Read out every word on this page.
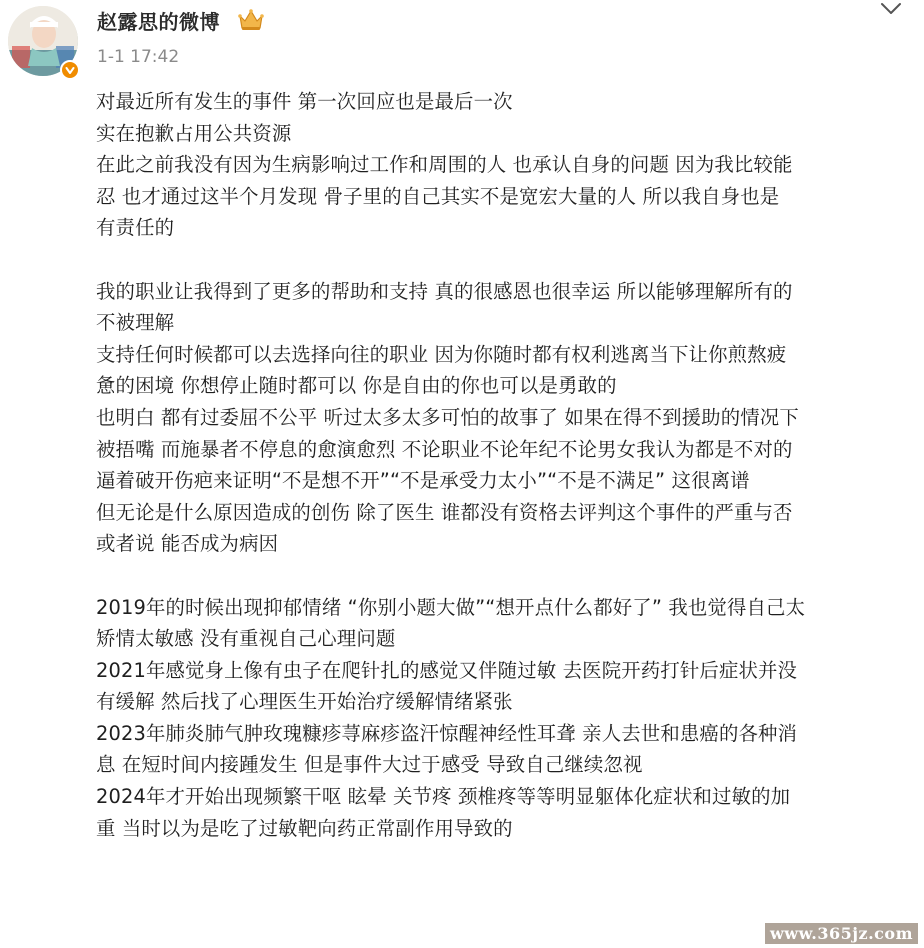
赵露思的微博
1-1 17:42
对最近所有发生的事件 第一次回应也是最后一次
实在抱歉占用公共资源
在此之前我没有因为生病影响过工作和周围的人 也承认自身的问题 因为我比较能
忍 也才通过这半个月发现 骨子里的自己其实不是宽宏大量的人 所以我自身也是
有责任的
我的职业让我得到了更多的帮助和支持 真的很感恩也很幸运 所以能够理解所有的
不被理解
支持任何时候都可以去选择向往的职业 因为你随时都有权利逃离当下让你煎熬疲
惫的困境 你想停止随时都可以 你是自由的你也可以是勇敢的
也明白 都有过委屈不公平 听过太多太多可怕的故事了 如果在得不到援助的情况下
被捂嘴 而施暴者不停息的愈演愈烈 不论职业不论年纪不论男女我认为都是不对的
逼着破开伤疤来证明“不是想不开”“不是承受力太小”“不是不满足” 这很离谱
但无论是什么原因造成的创伤 除了医生 谁都没有资格去评判这个事件的严重与否
或者说 能否成为病因
2019年的时候出现抑郁情绪 “你别小题大做”“想开点什么都好了” 我也觉得自己太
矫情太敏感 没有重视自己心理问题
2021年感觉身上像有虫子在爬针扎的感觉又伴随过敏 去医院开药打针后症状并没
有缓解 然后找了心理医生开始治疗缓解情绪紧张
2023年肺炎肺气肿玫瑰糠疹荨麻疹盗汗惊醒神经性耳聋 亲人去世和患癌的各种消
息 在短时间内接踵发生 但是事件大过于感受 导致自己继续忽视
2024年才开始出现频繁干呕 眩晕 关节疼 颈椎疼等等明显躯体化症状和过敏的加
重 当时以为是吃了过敏靶向药正常副作用导致的
www.365jz.com
